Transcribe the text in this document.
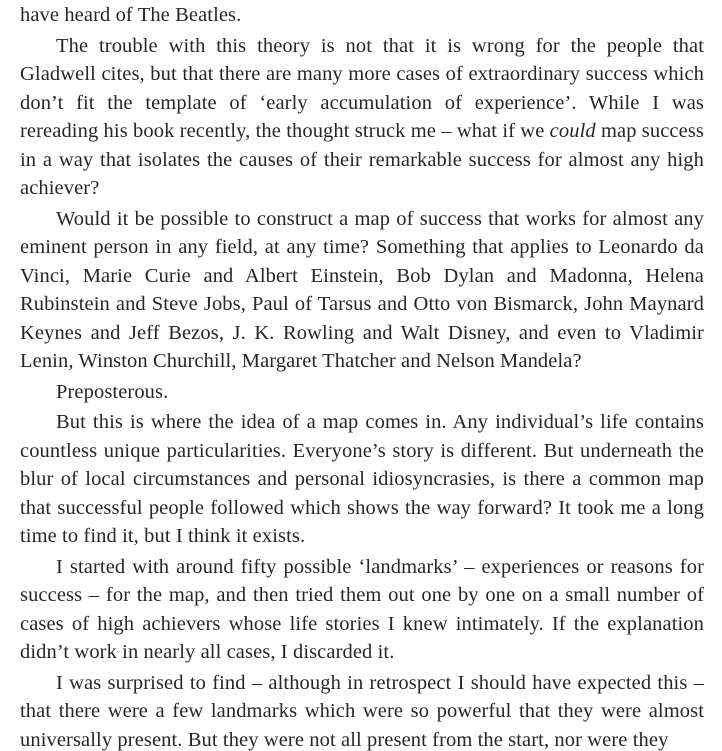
have heard of The Beatles.

The trouble with this theory is not that it is wrong for the people that Gladwell cites, but that there are many more cases of extraordinary success which don’t fit the template of ‘early accumulation of experience’. While I was rereading his book recently, the thought struck me – what if we could map success in a way that isolates the causes of their remarkable success for almost any high achiever?

Would it be possible to construct a map of success that works for almost any eminent person in any field, at any time? Something that applies to Leonardo da Vinci, Marie Curie and Albert Einstein, Bob Dylan and Madonna, Helena Rubinstein and Steve Jobs, Paul of Tarsus and Otto von Bismarck, John Maynard Keynes and Jeff Bezos, J. K. Rowling and Walt Disney, and even to Vladimir Lenin, Winston Churchill, Margaret Thatcher and Nelson Mandela?

Preposterous.

But this is where the idea of a map comes in. Any individual’s life contains countless unique particularities. Everyone’s story is different. But underneath the blur of local circumstances and personal idiosyncrasies, is there a common map that successful people followed which shows the way forward? It took me a long time to find it, but I think it exists.

I started with around fifty possible ‘landmarks’ – experiences or reasons for success – for the map, and then tried them out one by one on a small number of cases of high achievers whose life stories I knew intimately. If the explanation didn’t work in nearly all cases, I discarded it.

I was surprised to find – although in retrospect I should have expected this – that there were a few landmarks which were so powerful that they were almost universally present. But they were not all present from the start, nor were they
